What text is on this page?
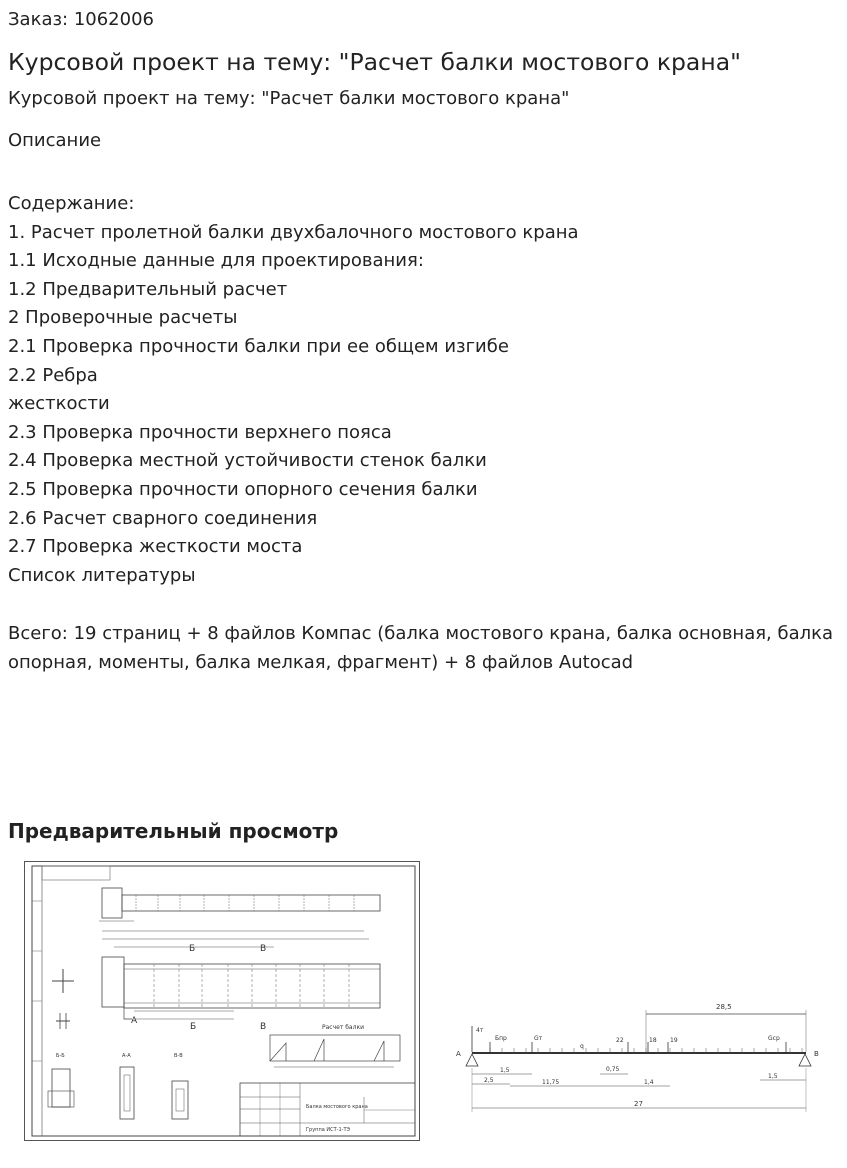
Заказ: 1062006
Курсовой проект на тему: "Расчет балки мостового крана"
Курсовой проект на тему: "Расчет балки мостового крана"
Описание
Содержание:
1. Расчет пролетной балки двухбалочного мостового крана
1.1 Исходные данные для проектирования:
1.2 Предварительный расчет
2 Проверочные расчеты
2.1 Проверка прочности балки при ее общем изгибе
2.2 Ребра
жесткости
2.3 Проверка прочности верхнего пояса
2.4 Проверка местной устойчивости стенок балки
2.5 Проверка прочности опорного сечения балки
2.6 Расчет сварного соединения
2.7 Проверка жесткости моста
Список литературы
Всего: 19 страниц + 8 файлов Компас (балка мостового крана, балка основная, балка опорная, моменты, балка мелкая, фрагмент) + 8 файлов Autocad
Предварительный просмотр
Б	В
А
Б	В	Расчет балки
Б-Б	А-А	В-В
Балка мостового крана
Группа ИСТ-1-ТЭ
28,5
Бпр	Gт
q
22	18 19	Gср
4т
A	B
1,5
2,5	11,75
0,75
1,4
1,5
27
